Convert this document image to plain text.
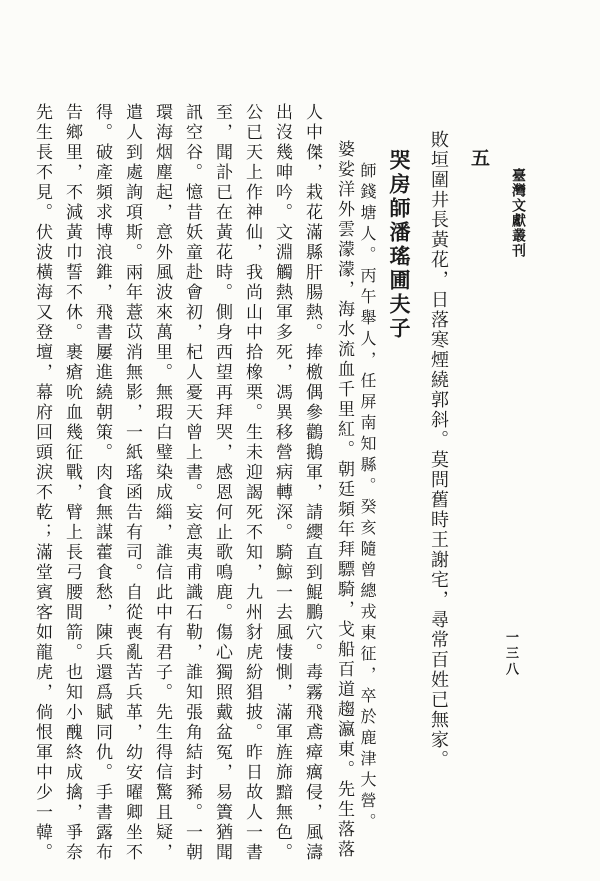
臺灣文獻叢刊
一三八
五
敗垣圍井長黃花，日落寒煙繞郭斜。莫問舊時王謝宅，尋常百姓已無家。
哭房師潘瑤圃夫子
師錢塘人。丙午舉人，任屏南知縣。癸亥隨曾總戎東征，卒於鹿津大營。
婆娑洋外雲濛濛，海水流血千里紅。朝廷頻年拜驃騎，戈船百道趨瀛東。先生落落
人中傑，栽花滿縣肝腸熱。捧檄偶參鸛鵝軍，請纓直到鯤鵬穴。毒霧飛鳶瘴癘侵，風濤
出沒幾呻吟。文淵觸熱軍多死，馮異移營病轉深。騎鯨一去風悽惻，滿軍旌旆黯無色。
公已天上作神仙，我尚山中拾橡栗。生未迎謁死不知，九州豺虎紛猖披。昨日故人一書
至，聞訃已在黃花時。側身西望再拜哭，感恩何止歌鳴鹿。傷心獨照戴盆冤，易簀猶聞
訊空谷。憶昔妖童赴會初，杞人憂天曾上書。妄意夷甫識石勒，誰知張角結封豨。一朝
環海烟塵起，意外風波來萬里。無瑕白璧染成緇，誰信此中有君子。先生得信驚且疑，
遣人到處詢項斯。兩年薏苡消無影，一紙瑤函告有司。自從喪亂苦兵革，幼安曜卿坐不
得。破產頻求博浪錐，飛書屢進繞朝策。肉食無謀藿食愁，陳兵還爲賦同仇。手書露布
告鄉里，不減黃巾誓不休。裹瘡吮血幾征戰，臂上長弓腰間箭。也知小醜終成擒，爭奈
先生長不見。伏波橫海又登壇，幕府回頭淚不乾；滿堂賓客如龍虎，倘恨軍中少一韓。
